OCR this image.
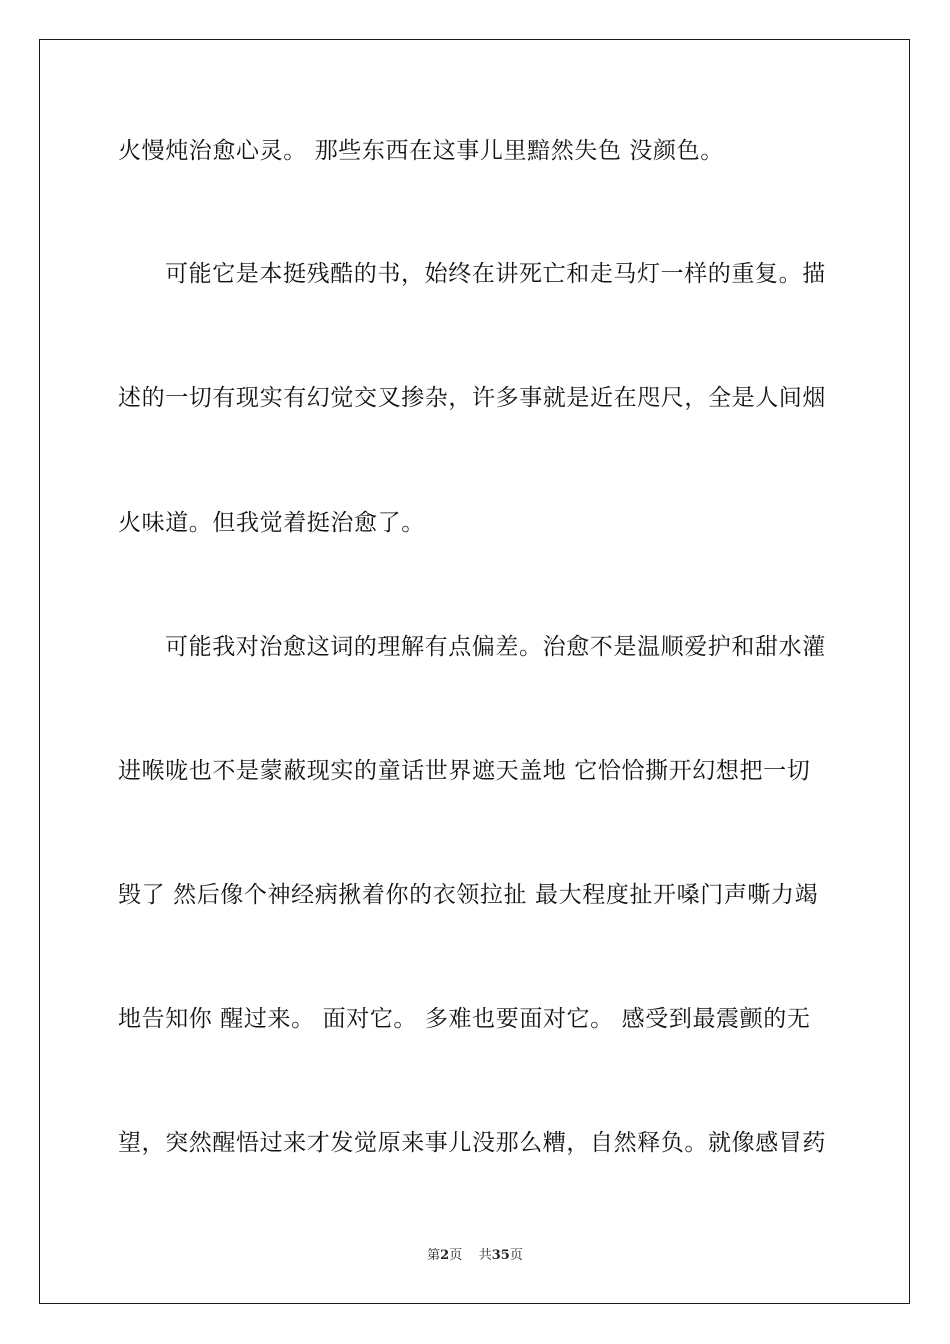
火慢炖治愈心灵。 那些东西在这事儿里黯然失色 没颜色。
可能它是本挺残酷的书，始终在讲死亡和走马灯一样的重复。描
述的一切有现实有幻觉交叉掺杂，许多事就是近在咫尺，全是人间烟
火味道。但我觉着挺治愈了。
可能我对治愈这词的理解有点偏差。治愈不是温顺爱护和甜水灌
进喉咙也不是蒙蔽现实的童话世界遮天盖地 它恰恰撕开幻想把一切
毁了 然后像个神经病揪着你的衣领拉扯 最大程度扯开嗓门声嘶力竭
地告知你 醒过来。 面对它。 多难也要面对它。 感受到最震颤的无
望，突然醒悟过来才发觉原来事儿没那么糟，自然释负。就像感冒药
第2页 共35页
